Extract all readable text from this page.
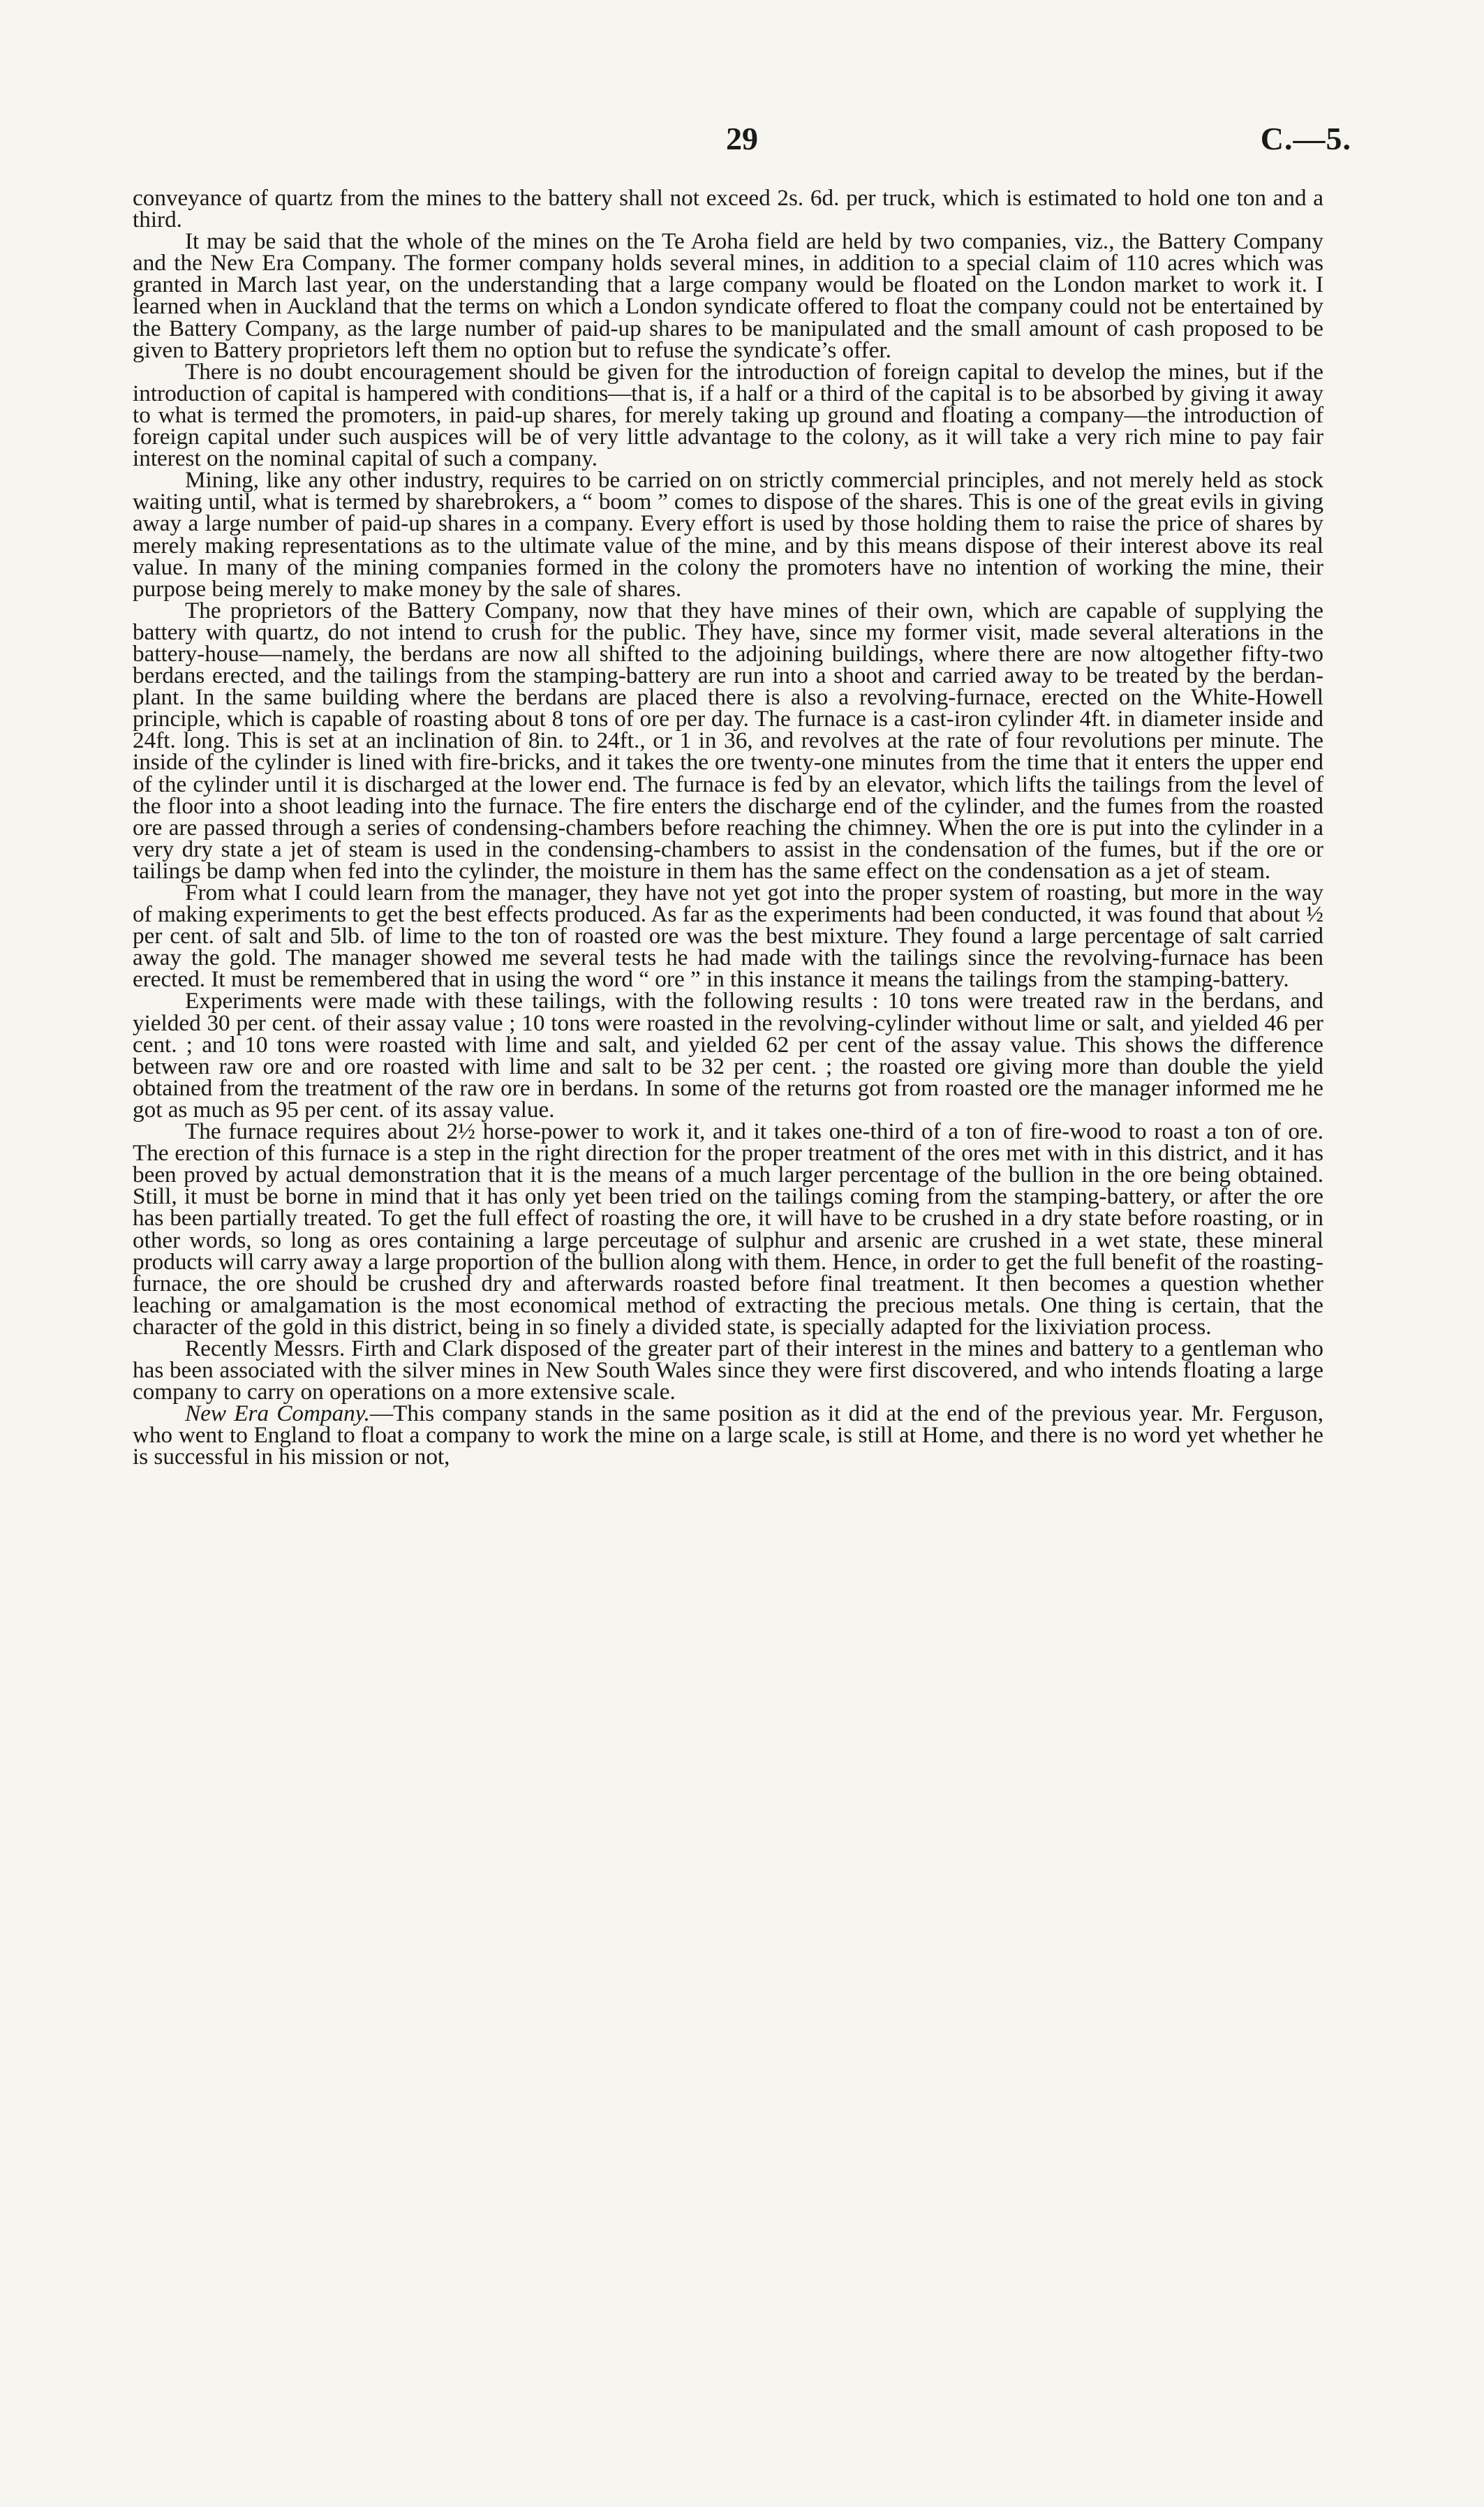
29	C.—5.

conveyance of quartz from the mines to the battery shall not exceed 2s. 6d. per truck, which is estimated to hold one ton and a third.

It may be said that the whole of the mines on the Te Aroha field are held by two companies, viz., the Battery Company and the New Era Company. The former company holds several mines, in addition to a special claim of 110 acres which was granted in March last year, on the understanding that a large company would be floated on the London market to work it. I learned when in Auckland that the terms on which a London syndicate offered to float the company could not be entertained by the Battery Company, as the large number of paid-up shares to be manipulated and the small amount of cash proposed to be given to Battery proprietors left them no option but to refuse the syndicate’s offer.

There is no doubt encouragement should be given for the introduction of foreign capital to develop the mines, but if the introduction of capital is hampered with conditions—that is, if a half or a third of the capital is to be absorbed by giving it away to what is termed the promoters, in paid-up shares, for merely taking up ground and floating a company—the introduction of foreign capital under such auspices will be of very little advantage to the colony, as it will take a very rich mine to pay fair interest on the nominal capital of such a company.

Mining, like any other industry, requires to be carried on on strictly commercial principles, and not merely held as stock waiting until, what is termed by sharebrokers, a “ boom ” comes to dispose of the shares. This is one of the great evils in giving away a large number of paid-up shares in a company. Every effort is used by those holding them to raise the price of shares by merely making representations as to the ultimate value of the mine, and by this means dispose of their interest above its real value. In many of the mining companies formed in the colony the promoters have no intention of working the mine, their purpose being merely to make money by the sale of shares.

The proprietors of the Battery Company, now that they have mines of their own, which are capable of supplying the battery with quartz, do not intend to crush for the public. They have, since my former visit, made several alterations in the battery-house—namely, the berdans are now all shifted to the adjoining buildings, where there are now altogether fifty-two berdans erected, and the tailings from the stamping-battery are run into a shoot and carried away to be treated by the berdan-plant. In the same building where the berdans are placed there is also a revolving-furnace, erected on the White-Howell principle, which is capable of roasting about 8 tons of ore per day. The furnace is a cast-iron cylinder 4ft. in diameter inside and 24ft. long. This is set at an inclination of 8in. to 24ft., or 1 in 36, and revolves at the rate of four revolutions per minute. The inside of the cylinder is lined with fire-bricks, and it takes the ore twenty-one minutes from the time that it enters the upper end of the cylinder until it is discharged at the lower end. The furnace is fed by an elevator, which lifts the tailings from the level of the floor into a shoot leading into the furnace. The fire enters the discharge end of the cylinder, and the fumes from the roasted ore are passed through a series of condensing-chambers before reaching the chimney. When the ore is put into the cylinder in a very dry state a jet of steam is used in the condensing-chambers to assist in the condensation of the fumes, but if the ore or tailings be damp when fed into the cylinder, the moisture in them has the same effect on the condensation as a jet of steam.

From what I could learn from the manager, they have not yet got into the proper system of roasting, but more in the way of making experiments to get the best effects produced. As far as the experiments had been conducted, it was found that about ½ per cent. of salt and 5lb. of lime to the ton of roasted ore was the best mixture. They found a large percentage of salt carried away the gold. The manager showed me several tests he had made with the tailings since the revolving-furnace has been erected. It must be remembered that in using the word “ ore ” in this instance it means the tailings from the stamping-battery.

Experiments were made with these tailings, with the following results : 10 tons were treated raw in the berdans, and yielded 30 per cent. of their assay value ; 10 tons were roasted in the revolving-cylinder without lime or salt, and yielded 46 per cent. ; and 10 tons were roasted with lime and salt, and yielded 62 per cent of the assay value. This shows the difference between raw ore and ore roasted with lime and salt to be 32 per cent. ; the roasted ore giving more than double the yield obtained from the treatment of the raw ore in berdans. In some of the returns got from roasted ore the manager informed me he got as much as 95 per cent. of its assay value.

The furnace requires about 2½ horse-power to work it, and it takes one-third of a ton of fire-wood to roast a ton of ore. The erection of this furnace is a step in the right direction for the proper treatment of the ores met with in this district, and it has been proved by actual demonstration that it is the means of a much larger percentage of the bullion in the ore being obtained. Still, it must be borne in mind that it has only yet been tried on the tailings coming from the stamping-battery, or after the ore has been partially treated. To get the full effect of roasting the ore, it will have to be crushed in a dry state before roasting, or in other words, so long as ores containing a large perceutage of sulphur and arsenic are crushed in a wet state, these mineral products will carry away a large proportion of the bullion along with them. Hence, in order to get the full benefit of the roasting-furnace, the ore should be crushed dry and afterwards roasted before final treatment. It then becomes a question whether leaching or amalgamation is the most economical method of extracting the precious metals. One thing is certain, that the character of the gold in this district, being in so finely a divided state, is specially adapted for the lixiviation process.

Recently Messrs. Firth and Clark disposed of the greater part of their interest in the mines and battery to a gentleman who has been associated with the silver mines in New South Wales since they were first discovered, and who intends floating a large company to carry on operations on a more extensive scale.

New Era Company.—This company stands in the same position as it did at the end of the previous year. Mr. Ferguson, who went to England to float a company to work the mine on a large scale, is still at Home, and there is no word yet whether he is successful in his mission or not,
